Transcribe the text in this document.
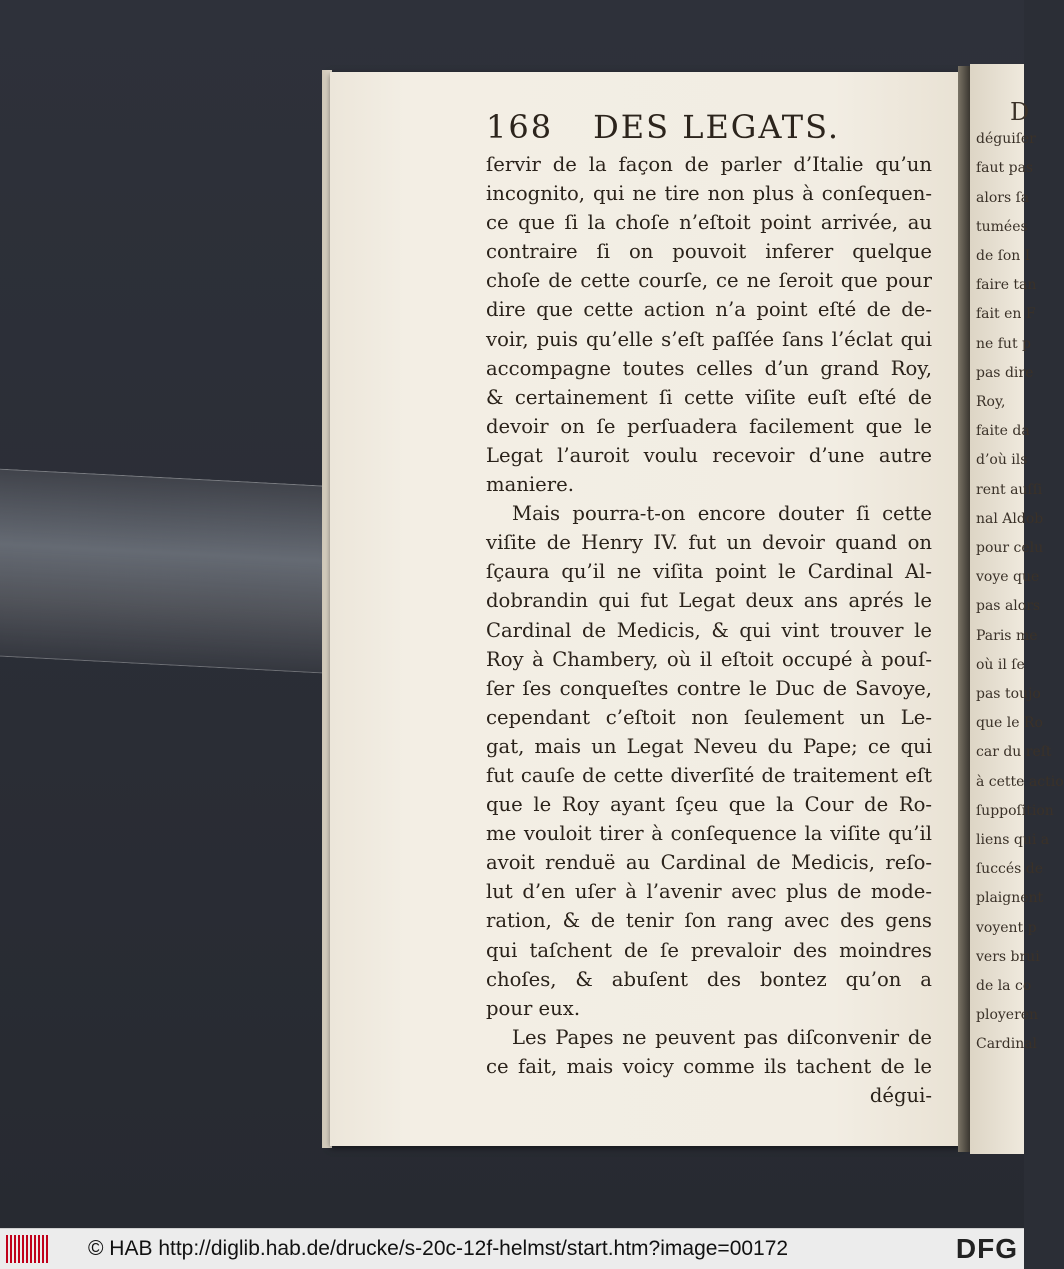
D
déguiſer
faut pas
alors ſa
tumées
de ſon I
faire tan
fait en F
ne fut p
pas dire
Roy,
faite da
d’où ils
rent auſſi
nal Aldob
pour celu
voye que
pas alors
Paris me
où il ſe
pas toujo
que le Ro
car du reſt
à cette actio
ſuppoſition
liens qui a
ſuccés de
plaignent
voyent p
vers brui
de la co
ployeren
Cardinal
168 DES LEGATS.
ſervir de la façon de parler d’Italie qu’un
incognito, qui ne tire non plus à conſequen-
ce que ſi la choſe n’eſtoit point arrivée, au
contraire ſi on pouvoit inferer quelque
choſe de cette courſe, ce ne ſeroit que pour
dire que cette action n’a point eſté de de-
voir, puis qu’elle s’eſt paſſée ſans l’éclat qui
accompagne toutes celles d’un grand Roy,
& certainement ſi cette viſite euſt eſté de
devoir on ſe perſuadera facilement que le
Legat l’auroit voulu recevoir d’une autre
maniere.
Mais pourra-t-on encore douter ſi cette
viſite de Henry IV. fut un devoir quand on
ſçaura qu’il ne viſita point le Cardinal Al-
dobrandin qui fut Legat deux ans aprés le
Cardinal de Medicis, & qui vint trouver le
Roy à Chambery, où il eſtoit occupé à pouſ-
ſer ſes conqueſtes contre le Duc de Savoye,
cependant c’eſtoit non ſeulement un Le-
gat, mais un Legat Neveu du Pape; ce qui
fut cauſe de cette diverſité de traitement eſt
que le Roy ayant ſçeu que la Cour de Ro-
me vouloit tirer à conſequence la viſite qu’il
avoit renduë au Cardinal de Medicis, reſo-
lut d’en uſer à l’avenir avec plus de mode-
ration, & de tenir ſon rang avec des gens
qui taſchent de ſe prevaloir des moindres
choſes, & abuſent des bontez qu’on a
pour eux.
Les Papes ne peuvent pas diſconvenir de
ce fait, mais voicy comme ils tachent de le
dégui-
© HAB http://diglib.hab.de/drucke/s-20c-12f-helmst/start.htm?image=00172	DFG
